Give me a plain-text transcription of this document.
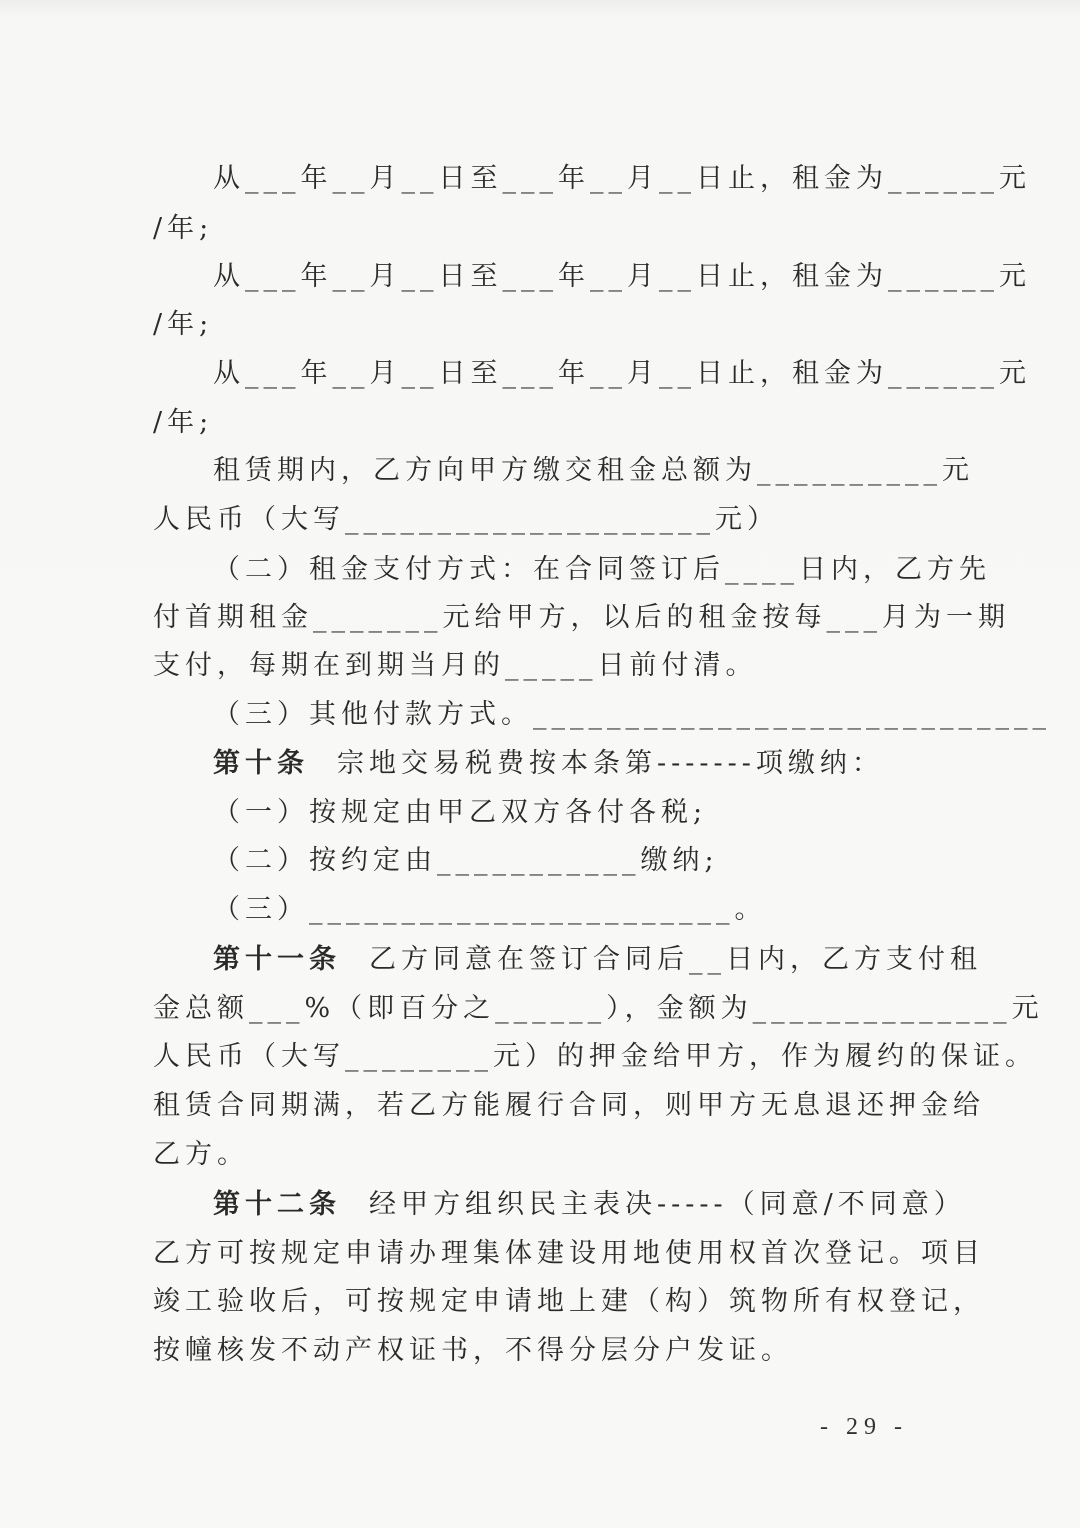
从___年__月__日至___年__月__日止，租金为______元
/年;
从___年__月__日至___年__月__日止，租金为______元
/年;
从___年__月__日至___年__月__日止，租金为______元
/年;
租赁期内，乙方向甲方缴交租金总额为__________元
人民币（大写____________________元）
（二）租金支付方式：在合同签订后____日内，乙方先
付首期租金_______元给甲方，以后的租金按每___月为一期
支付，每期在到期当月的_____日前付清。
（三）其他付款方式。____________________________
第十条 宗地交易税费按本条第-------项缴纳：
（一）按规定由甲乙双方各付各税;
（二）按约定由___________缴纳;
（三）_______________________。
第十一条 乙方同意在签订合同后__日内，乙方支付租
金总额___%（即百分之______），金额为______________元
人民币（大写________元）的押金给甲方，作为履约的保证。
租赁合同期满，若乙方能履行合同，则甲方无息退还押金给
乙方。
第十二条 经甲方组织民主表决-----（同意/不同意）
乙方可按规定申请办理集体建设用地使用权首次登记。项目
竣工验收后，可按规定申请地上建（构）筑物所有权登记，
按幢核发不动产权证书，不得分层分户发证。
- 29 -
